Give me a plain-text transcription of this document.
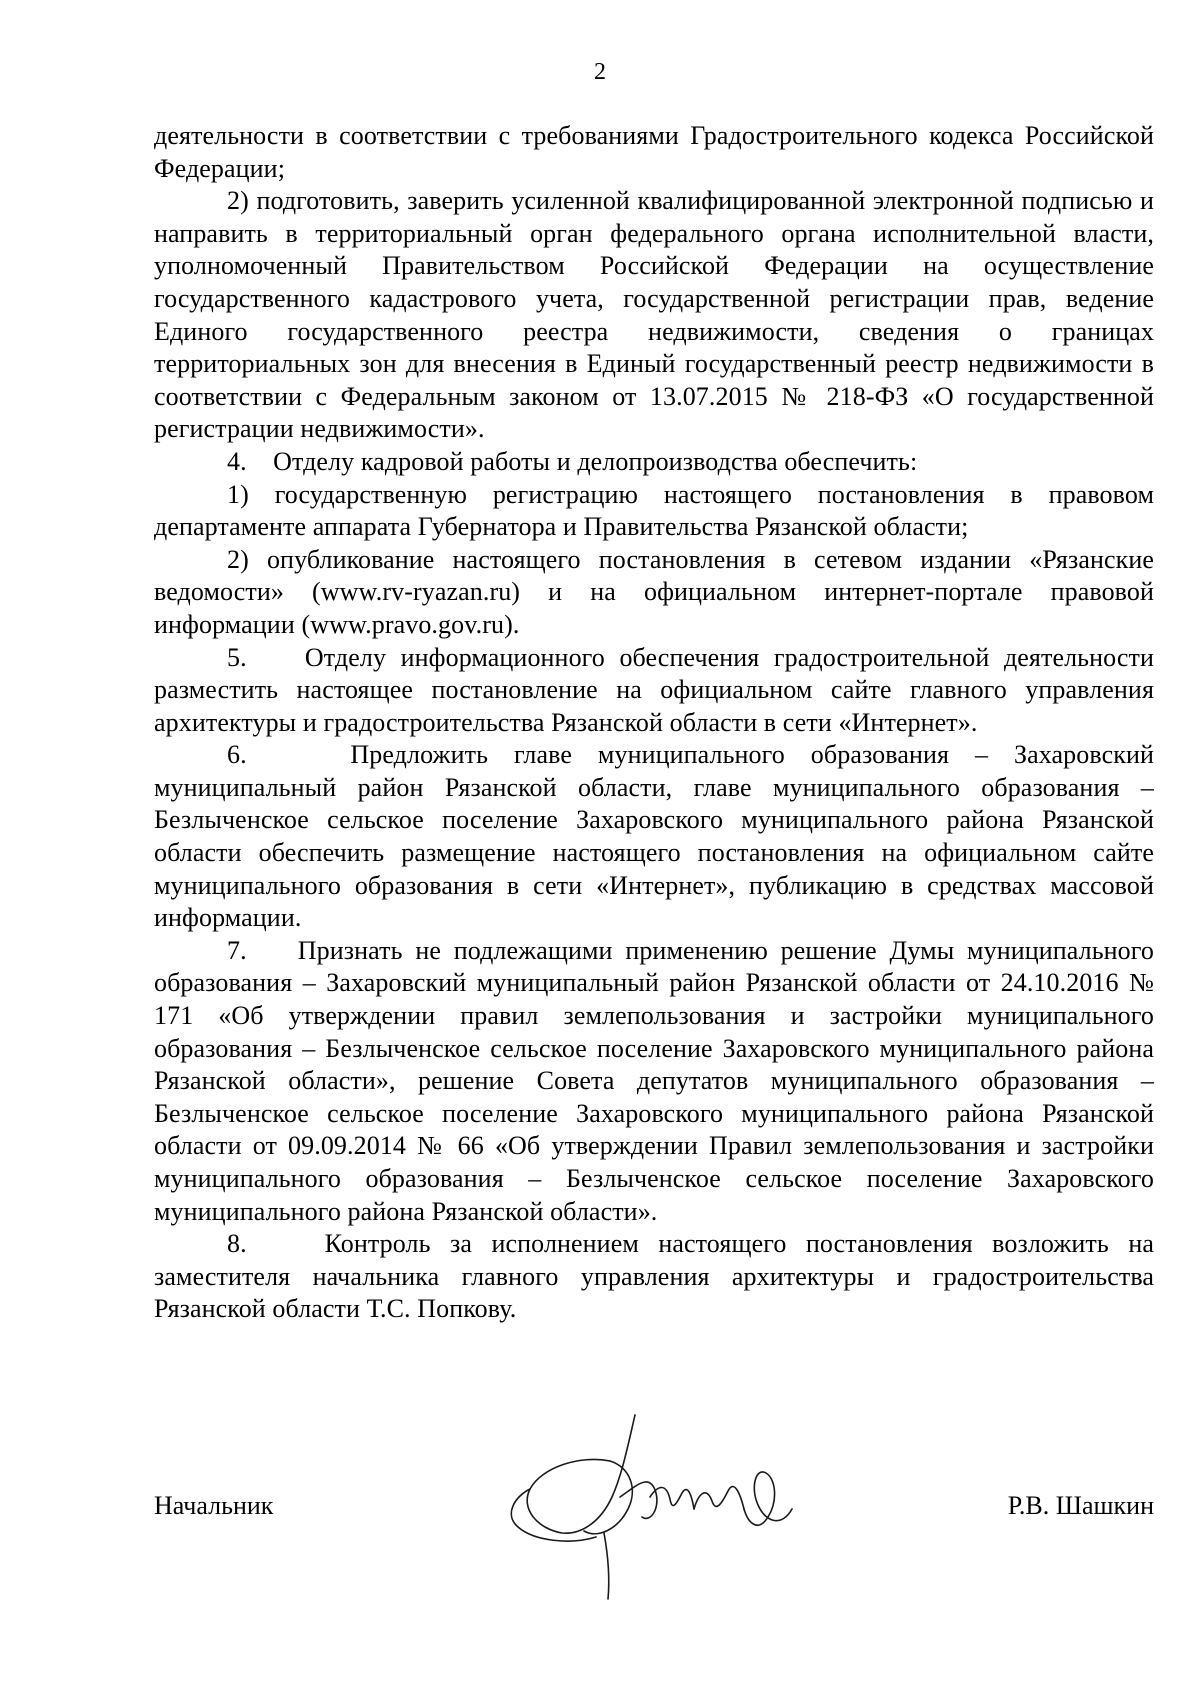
2

деятельности в соответствии с требованиями Градостроительного кодекса Российской Федерации;

2) подготовить, заверить усиленной квалифицированной электронной подписью и направить в территориальный орган федерального органа исполнительной власти, уполномоченный Правительством Российской Федерации на осуществление государственного кадастрового учета, государственной регистрации прав, ведение Единого государственного реестра недвижимости, сведения о границах территориальных зон для внесения в Единый государственный реестр недвижимости в соответствии с Федеральным законом от 13.07.2015 № 218-ФЗ «О государственной регистрации недвижимости».

4.    Отделу кадровой работы и делопроизводства обеспечить:

1) государственную регистрацию настоящего постановления в правовом департаменте аппарата Губернатора и Правительства Рязанской области;

2) опубликование настоящего постановления в сетевом издании «Рязанские ведомости» (www.rv-ryazan.ru) и на официальном интернет-портале правовой информации (www.pravo.gov.ru).

5.    Отделу информационного обеспечения градостроительной деятельности разместить настоящее постановление на официальном сайте главного управления архитектуры и градостроительства Рязанской области в сети «Интернет».

6.    Предложить главе муниципального образования – Захаровский муниципальный район Рязанской области, главе муниципального образования – Безлыченское сельское поселение Захаровского муниципального района Рязанской области обеспечить размещение настоящего постановления на официальном сайте муниципального образования в сети «Интернет», публикацию в средствах массовой информации.

7.    Признать не подлежащими применению решение Думы муниципального образования – Захаровский муниципальный район Рязанской области от 24.10.2016 № 171 «Об утверждении правил землепользования и застройки муниципального образования – Безлыченское сельское поселение Захаровского муниципального района Рязанской области», решение Совета депутатов муниципального образования – Безлыченское сельское поселение Захаровского муниципального района Рязанской области от 09.09.2014 № 66 «Об утверждении Правил землепользования и застройки муниципального образования – Безлыченское сельское поселение Захаровского муниципального района Рязанской области».

8.    Контроль за исполнением настоящего постановления возложить на заместителя начальника главного управления архитектуры и градостроительства Рязанской области Т.С. Попкову.

Начальник	Р.В. Шашкин
